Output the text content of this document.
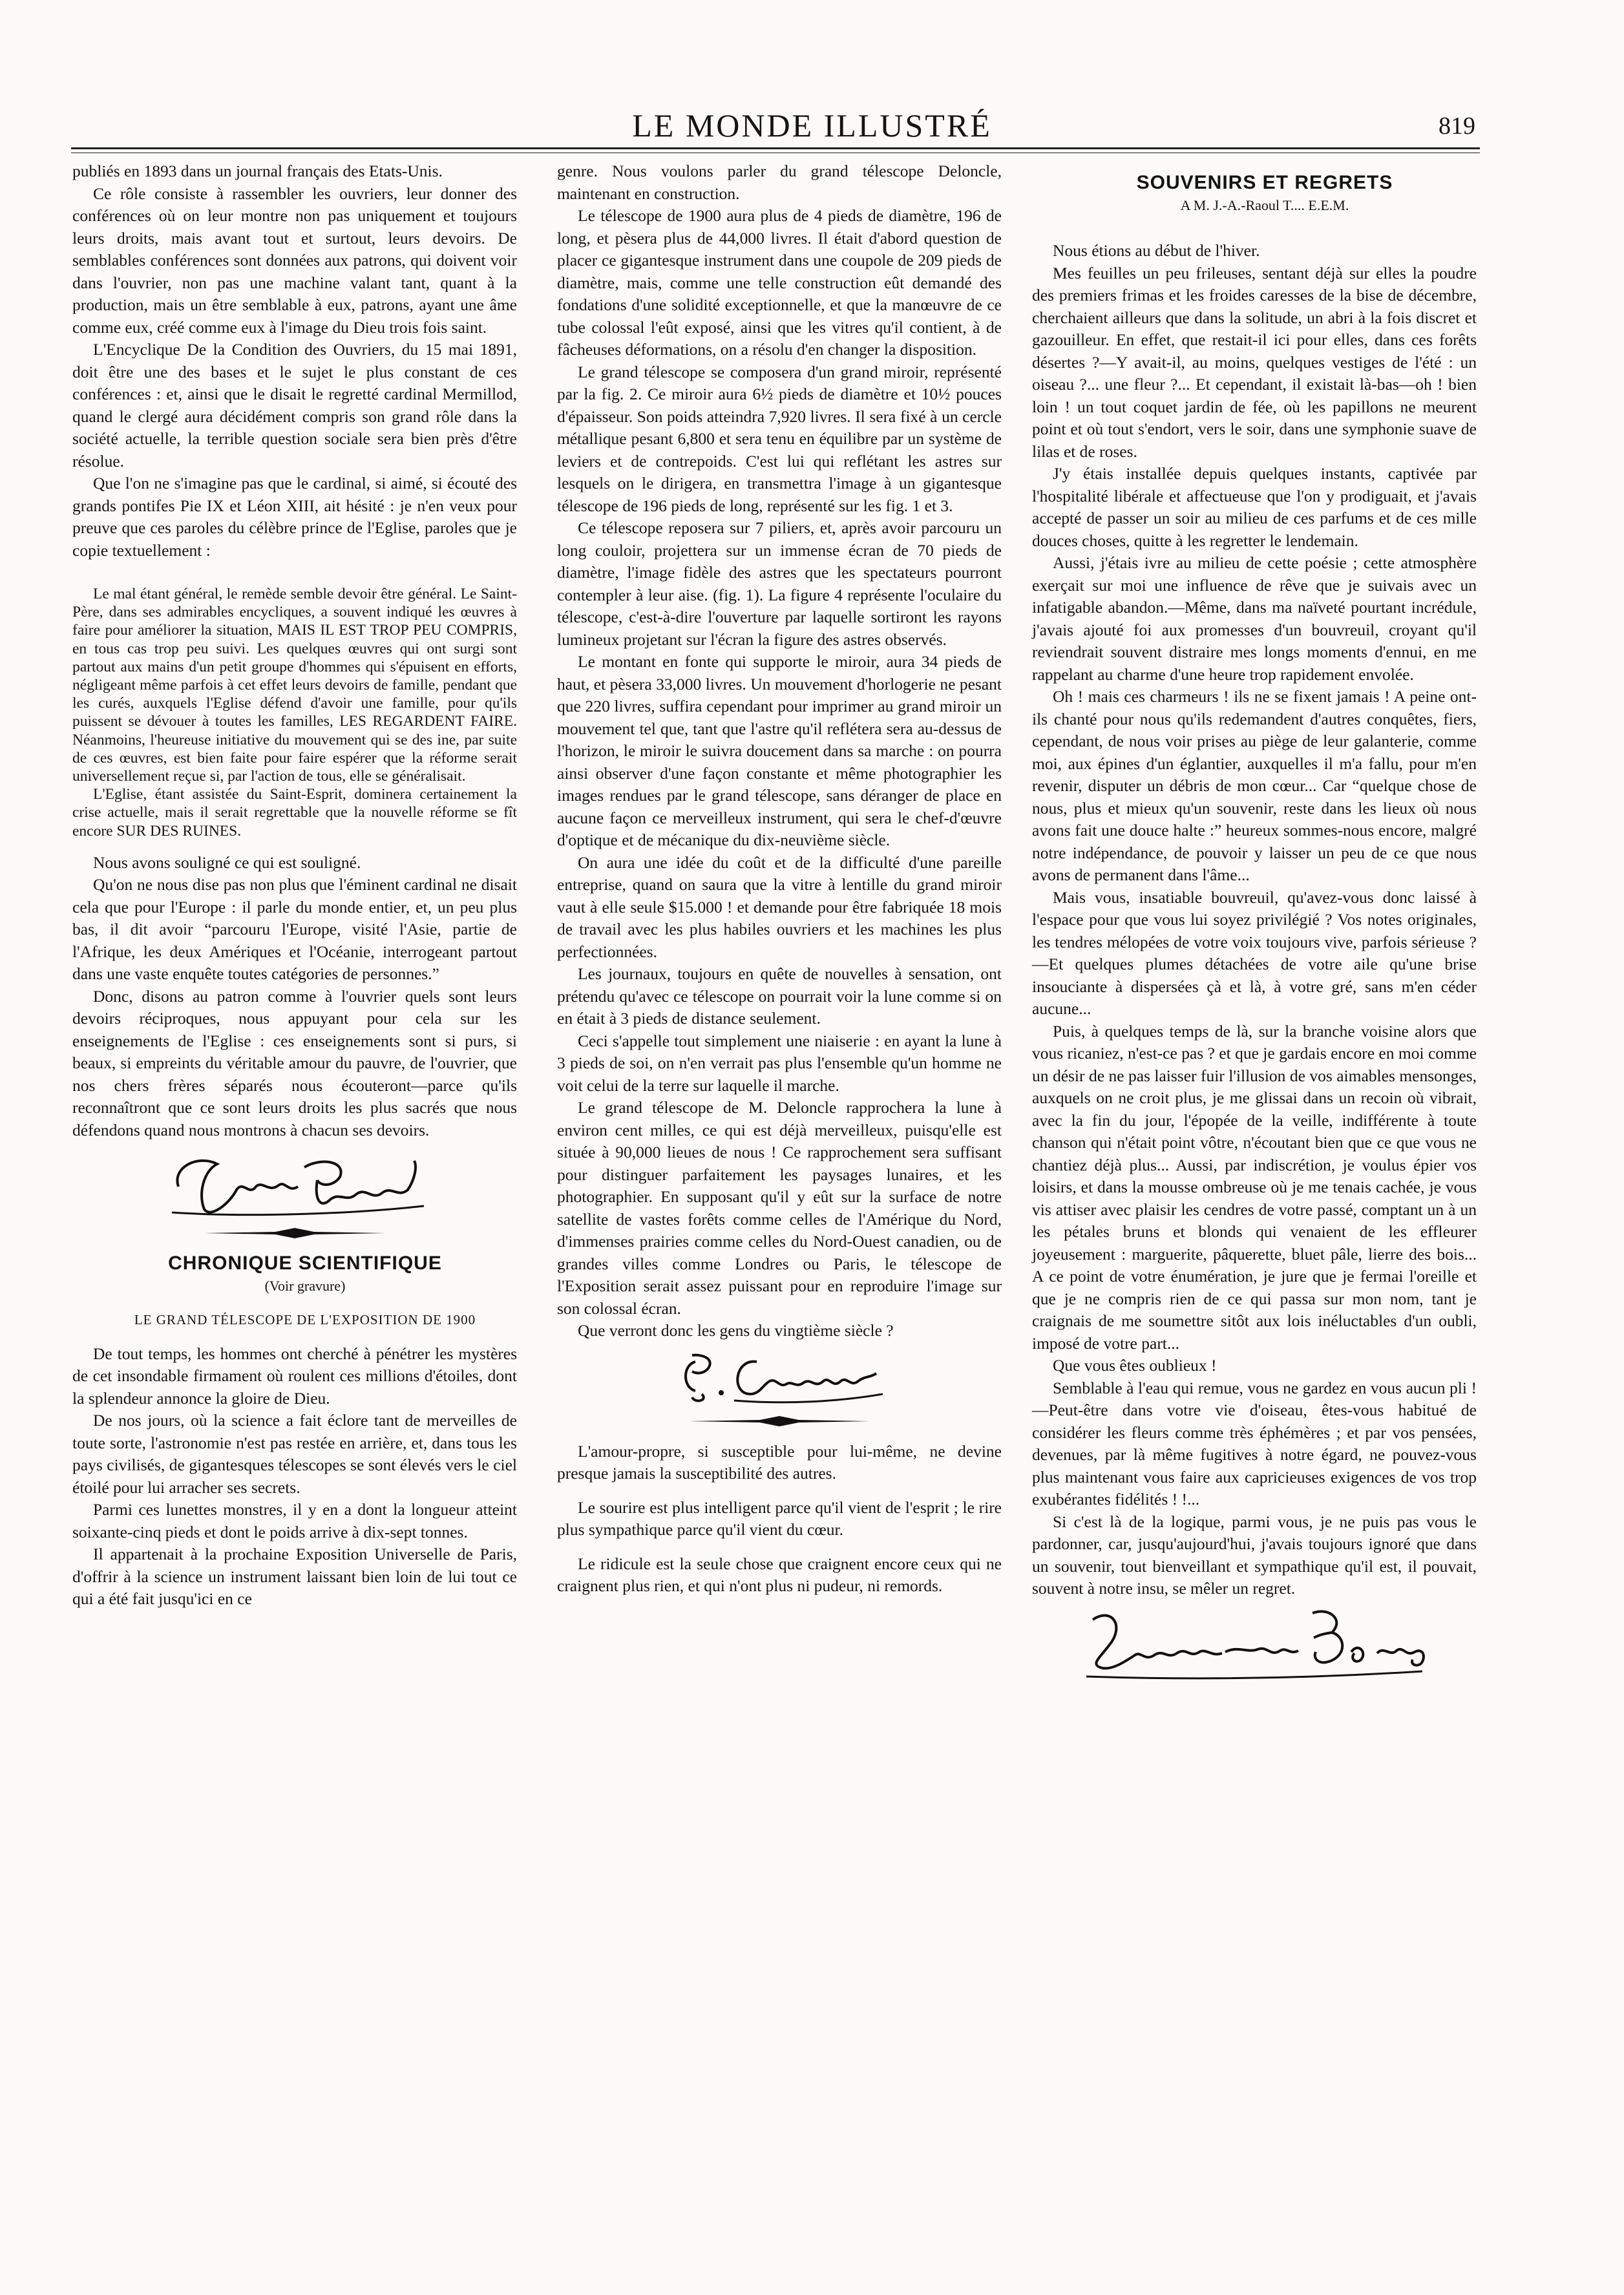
LE MONDE ILLUSTRÉ	819

publiés en 1893 dans un journal français des Etats-Unis.

Ce rôle consiste à rassembler les ouvriers, leur donner des conférences où on leur montre non pas uniquement et toujours leurs droits, mais avant tout et surtout, leurs devoirs. De semblables conférences sont données aux patrons, qui doivent voir dans l'ouvrier, non pas une machine valant tant, quant à la production, mais un être semblable à eux, patrons, ayant une âme comme eux, créé comme eux à l'image du Dieu trois fois saint.

L'Encyclique De la Condition des Ouvriers, du 15 mai 1891, doit être une des bases et le sujet le plus constant de ces conférences : et, ainsi que le disait le regretté cardinal Mermillod, quand le clergé aura décidément compris son grand rôle dans la société actuelle, la terrible question sociale sera bien près d'être résolue.

Que l'on ne s'imagine pas que le cardinal, si aimé, si écouté des grands pontifes Pie IX et Léon XIII, ait hésité : je n'en veux pour preuve que ces paroles du célèbre prince de l'Eglise, paroles que je copie textuellement :

Le mal étant général, le remède semble devoir être général. Le Saint-Père, dans ses admirables encycliques, a souvent indiqué les œuvres à faire pour améliorer la situation, MAIS IL EST TROP PEU COMPRIS, en tous cas trop peu suivi. Les quelques œuvres qui ont surgi sont partout aux mains d'un petit groupe d'hommes qui s'épuisent en efforts, négligeant même parfois à cet effet leurs devoirs de famille, pendant que les curés, auxquels l'Eglise défend d'avoir une famille, pour qu'ils puissent se dévouer à toutes les familles, LES REGARDENT FAIRE. Néanmoins, l'heureuse initiative du mouvement qui se des ine, par suite de ces œuvres, est bien faite pour faire espérer que la réforme serait universellement reçue si, par l'action de tous, elle se généralisait.

L'Eglise, étant assistée du Saint-Esprit, dominera certainement la crise actuelle, mais il serait regrettable que la nouvelle réforme se fît encore SUR DES RUINES.

Nous avons souligné ce qui est souligné.

Qu'on ne nous dise pas non plus que l'éminent cardinal ne disait cela que pour l'Europe : il parle du monde entier, et, un peu plus bas, il dit avoir “parcouru l'Europe, visité l'Asie, partie de l'Afrique, les deux Amériques et l'Océanie, interrogeant partout dans une vaste enquête toutes catégories de personnes.”

Donc, disons au patron comme à l'ouvrier quels sont leurs devoirs réciproques, nous appuyant pour cela sur les enseignements de l'Eglise : ces enseignements sont si purs, si beaux, si empreints du véritable amour du pauvre, de l'ouvrier, que nos chers frères séparés nous écouteront—parce qu'ils reconnaîtront que ce sont leurs droits les plus sacrés que nous défendons quand nous montrons à chacun ses devoirs.

CHRONIQUE SCIENTIFIQUE

(Voir gravure)

LE GRAND TÉLESCOPE DE L'EXPOSITION DE 1900

De tout temps, les hommes ont cherché à pénétrer les mystères de cet insondable firmament où roulent ces millions d'étoiles, dont la splendeur annonce la gloire de Dieu.

De nos jours, où la science a fait éclore tant de merveilles de toute sorte, l'astronomie n'est pas restée en arrière, et, dans tous les pays civilisés, de gigantesques télescopes se sont élevés vers le ciel étoilé pour lui arracher ses secrets.

Parmi ces lunettes monstres, il y en a dont la longueur atteint soixante-cinq pieds et dont le poids arrive à dix-sept tonnes.

Il appartenait à la prochaine Exposition Universelle de Paris, d'offrir à la science un instrument laissant bien loin de lui tout ce qui a été fait jusqu'ici en ce

genre. Nous voulons parler du grand télescope Deloncle, maintenant en construction.

Le télescope de 1900 aura plus de 4 pieds de diamètre, 196 de long, et pèsera plus de 44,000 livres. Il était d'abord question de placer ce gigantesque instrument dans une coupole de 209 pieds de diamètre, mais, comme une telle construction eût demandé des fondations d'une solidité exceptionnelle, et que la manœuvre de ce tube colossal l'eût exposé, ainsi que les vitres qu'il contient, à de fâcheuses déformations, on a résolu d'en changer la disposition.

Le grand télescope se composera d'un grand miroir, représenté par la fig. 2. Ce miroir aura 6½ pieds de diamètre et 10½ pouces d'épaisseur. Son poids atteindra 7,920 livres. Il sera fixé à un cercle métallique pesant 6,800 et sera tenu en équilibre par un système de leviers et de contrepoids. C'est lui qui reflétant les astres sur lesquels on le dirigera, en transmettra l'image à un gigantesque télescope de 196 pieds de long, représenté sur les fig. 1 et 3.

Ce télescope reposera sur 7 piliers, et, après avoir parcouru un long couloir, projettera sur un immense écran de 70 pieds de diamètre, l'image fidèle des astres que les spectateurs pourront contempler à leur aise. (fig. 1). La figure 4 représente l'oculaire du télescope, c'est-à-dire l'ouverture par laquelle sortiront les rayons lumineux projetant sur l'écran la figure des astres observés.

Le montant en fonte qui supporte le miroir, aura 34 pieds de haut, et pèsera 33,000 livres. Un mouvement d'horlogerie ne pesant que 220 livres, suffira cependant pour imprimer au grand miroir un mouvement tel que, tant que l'astre qu'il reflétera sera au-dessus de l'horizon, le miroir le suivra doucement dans sa marche : on pourra ainsi observer d'une façon constante et même photographier les images rendues par le grand télescope, sans déranger de place en aucune façon ce merveilleux instrument, qui sera le chef-d'œuvre d'optique et de mécanique du dix-neuvième siècle.

On aura une idée du coût et de la difficulté d'une pareille entreprise, quand on saura que la vitre à lentille du grand miroir vaut à elle seule $15.000 ! et demande pour être fabriquée 18 mois de travail avec les plus habiles ouvriers et les machines les plus perfectionnées.

Les journaux, toujours en quête de nouvelles à sensation, ont prétendu qu'avec ce télescope on pourrait voir la lune comme si on en était à 3 pieds de distance seulement.

Ceci s'appelle tout simplement une niaiserie : en ayant la lune à 3 pieds de soi, on n'en verrait pas plus l'ensemble qu'un homme ne voit celui de la terre sur laquelle il marche.

Le grand télescope de M. Deloncle rapprochera la lune à environ cent milles, ce qui est déjà merveilleux, puisqu'elle est située à 90,000 lieues de nous ! Ce rapprochement sera suffisant pour distinguer parfaitement les paysages lunaires, et les photographier. En supposant qu'il y eût sur la surface de notre satellite de vastes forêts comme celles de l'Amérique du Nord, d'immenses prairies comme celles du Nord-Ouest canadien, ou de grandes villes comme Londres ou Paris, le télescope de l'Exposition serait assez puissant pour en reproduire l'image sur son colossal écran.

Que verront donc les gens du vingtième siècle ?

L'amour-propre, si susceptible pour lui-même, ne devine presque jamais la susceptibilité des autres.

Le sourire est plus intelligent parce qu'il vient de l'esprit ; le rire plus sympathique parce qu'il vient du cœur.

Le ridicule est la seule chose que craignent encore ceux qui ne craignent plus rien, et qui n'ont plus ni pudeur, ni remords.

SOUVENIRS ET REGRETS

A M. J.-A.-Raoul T.... E.E.M.

Nous étions au début de l'hiver.

Mes feuilles un peu frileuses, sentant déjà sur elles la poudre des premiers frimas et les froides caresses de la bise de décembre, cherchaient ailleurs que dans la solitude, un abri à la fois discret et gazouilleur. En effet, que restait-il ici pour elles, dans ces forêts désertes ?—Y avait-il, au moins, quelques vestiges de l'été : un oiseau ?... une fleur ?... Et cependant, il existait là-bas—oh ! bien loin ! un tout coquet jardin de fée, où les papillons ne meurent point et où tout s'endort, vers le soir, dans une symphonie suave de lilas et de roses.

J'y étais installée depuis quelques instants, captivée par l'hospitalité libérale et affectueuse que l'on y prodiguait, et j'avais accepté de passer un soir au milieu de ces parfums et de ces mille douces choses, quitte à les regretter le lendemain.

Aussi, j'étais ivre au milieu de cette poésie ; cette atmosphère exerçait sur moi une influence de rêve que je suivais avec un infatigable abandon.—Même, dans ma naïveté pourtant incrédule, j'avais ajouté foi aux promesses d'un bouvreuil, croyant qu'il reviendrait souvent distraire mes longs moments d'ennui, en me rappelant au charme d'une heure trop rapidement envolée.

Oh ! mais ces charmeurs ! ils ne se fixent jamais ! A peine ont-ils chanté pour nous qu'ils redemandent d'autres conquêtes, fiers, cependant, de nous voir prises au piège de leur galanterie, comme moi, aux épines d'un églantier, auxquelles il m'a fallu, pour m'en revenir, disputer un débris de mon cœur... Car “quelque chose de nous, plus et mieux qu'un souvenir, reste dans les lieux où nous avons fait une douce halte :” heureux sommes-nous encore, malgré notre indépendance, de pouvoir y laisser un peu de ce que nous avons de permanent dans l'âme...

Mais vous, insatiable bouvreuil, qu'avez-vous donc laissé à l'espace pour que vous lui soyez privilégié ? Vos notes originales, les tendres mélopées de votre voix toujours vive, parfois sérieuse ?—Et quelques plumes détachées de votre aile qu'une brise insouciante à dispersées çà et là, à votre gré, sans m'en céder aucune...

Puis, à quelques temps de là, sur la branche voisine alors que vous ricaniez, n'est-ce pas ? et que je gardais encore en moi comme un désir de ne pas laisser fuir l'illusion de vos aimables mensonges, auxquels on ne croit plus, je me glissai dans un recoin où vibrait, avec la fin du jour, l'épopée de la veille, indifférente à toute chanson qui n'était point vôtre, n'écoutant bien que ce que vous ne chantiez déjà plus... Aussi, par indiscrétion, je voulus épier vos loisirs, et dans la mousse ombreuse où je me tenais cachée, je vous vis attiser avec plaisir les cendres de votre passé, comptant un à un les pétales bruns et blonds qui venaient de les effleurer joyeusement : marguerite, pâquerette, bluet pâle, lierre des bois... A ce point de votre énumération, je jure que je fermai l'oreille et que je ne compris rien de ce qui passa sur mon nom, tant je craignais de me soumettre sitôt aux lois inéluctables d'un oubli, imposé de votre part...

Que vous êtes oublieux !

Semblable à l'eau qui remue, vous ne gardez en vous aucun pli !—Peut-être dans votre vie d'oiseau, êtes-vous habitué de considérer les fleurs comme très éphémères ; et par vos pensées, devenues, par là même fugitives à notre égard, ne pouvez-vous plus maintenant vous faire aux capricieuses exigences de vos trop exubérantes fidélités ! !...

Si c'est là de la logique, parmi vous, je ne puis pas vous le pardonner, car, jusqu'aujourd'hui, j'avais toujours ignoré que dans un souvenir, tout bienveillant et sympathique qu'il est, il pouvait, souvent à notre insu, se mêler un regret.
